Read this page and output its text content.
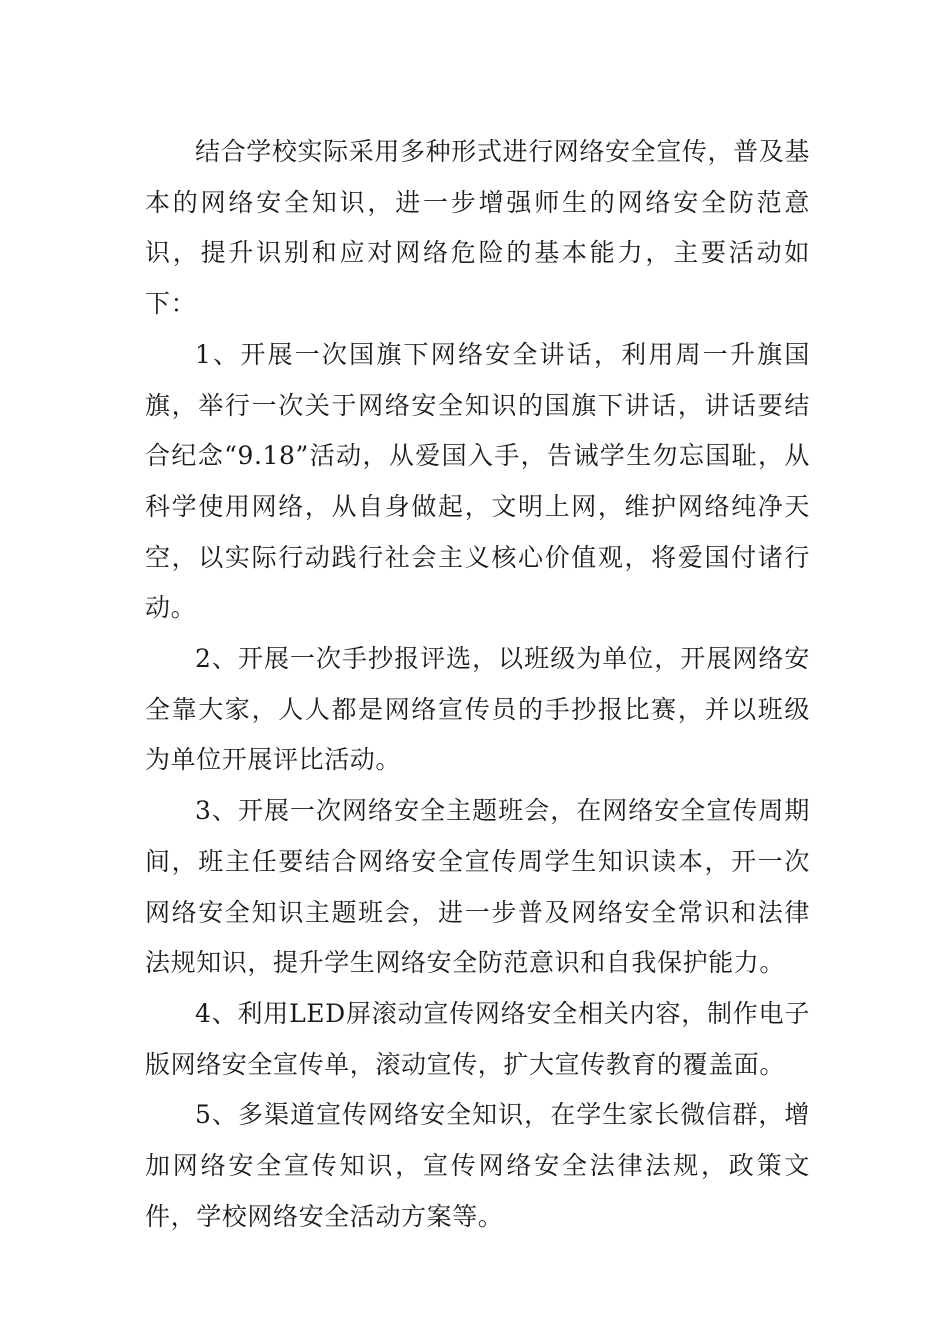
结合学校实际采用多种形式进行网络安全宣传，普及基本的网络安全知识，进一步增强师生的网络安全防范意识，提升识别和应对网络危险的基本能力，主要活动如下：

1、开展一次国旗下网络安全讲话，利用周一升旗国旗，举行一次关于网络安全知识的国旗下讲话，讲话要结合纪念“9.18”活动，从爱国入手，告诫学生勿忘国耻，从科学使用网络，从自身做起，文明上网，维护网络纯净天空，以实际行动践行社会主义核心价值观，将爱国付诸行动。

2、开展一次手抄报评选，以班级为单位，开展网络安全靠大家，人人都是网络宣传员的手抄报比赛，并以班级为单位开展评比活动。

3、开展一次网络安全主题班会，在网络安全宣传周期间，班主任要结合网络安全宣传周学生知识读本，开一次网络安全知识主题班会，进一步普及网络安全常识和法律法规知识，提升学生网络安全防范意识和自我保护能力。

4、利用LED屏滚动宣传网络安全相关内容，制作电子版网络安全宣传单，滚动宣传，扩大宣传教育的覆盖面。

5、多渠道宣传网络安全知识，在学生家长微信群，增加网络安全宣传知识，宣传网络安全法律法规，政策文件，学校网络安全活动方案等。
